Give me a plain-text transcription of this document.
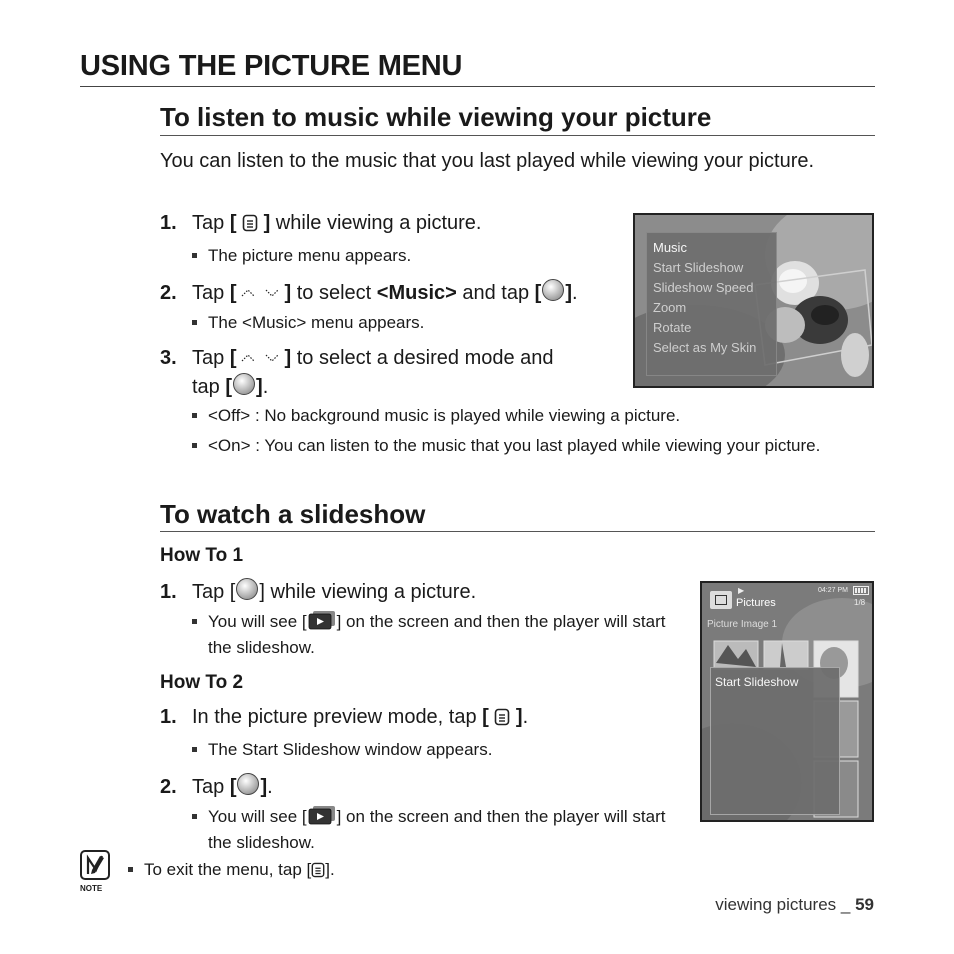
USING THE PICTURE MENU
To listen to music while viewing your picture
You can listen to the music that you last played while viewing your picture.
1. Tap [  ] while viewing a picture.
The picture menu appears.
2. Tap [ ] to select <Music> and tap [ ].
The <Music> menu appears.
3. Tap [ ] to select a desired mode and
tap [ ].
<Off> : No background music is played while viewing a picture.
<On> : You can listen to the music that you last played while viewing your picture.
Music
Start Slideshow
Slideshow Speed
Zoom
Rotate
Select as My Skin
To watch a slideshow
How To 1
1. Tap [ ] while viewing a picture.
You will see [ ] on the screen and then the player will start the slideshow.
How To 2
1. In the picture preview mode, tap [  ].
The Start Slideshow window appears.
2. Tap [ ].
You will see [ ] on the screen and then the player will start the slideshow.
▶	04:27 PM
Pictures	1/8
Picture Image 1
Start Slideshow
NOTE
To exit the menu, tap [ ].
viewing pictures _ 59
